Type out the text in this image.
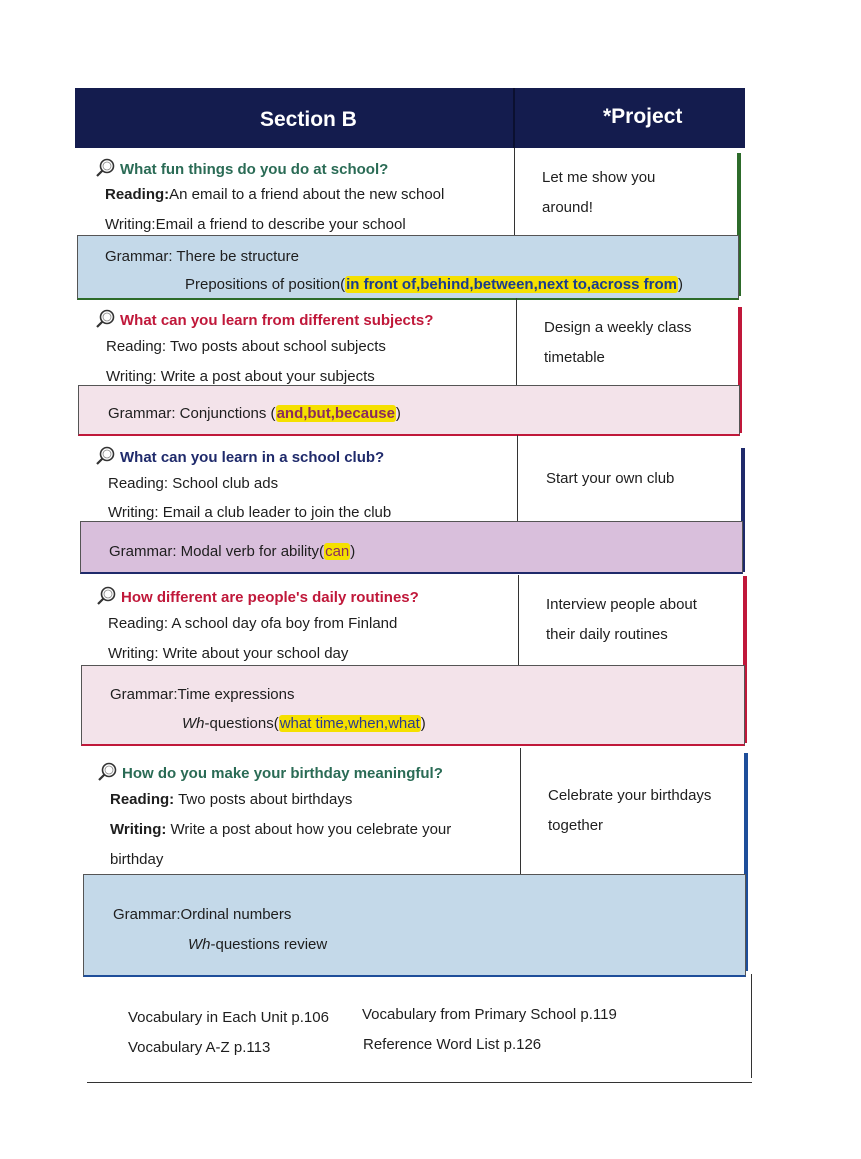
Section B	*Project
What fun things do you do at school?
Reading:An email to a friend about the new school
Writing:Email a friend to describe your school
Let me show you around!
Grammar: There be structure
Prepositions of position(in front of,behind,between,next to,across from)
What can you learn from different subjects?
Reading: Two posts about school subjects
Writing: Write a post about your subjects
Design a weekly class timetable
Grammar: Conjunctions (and,but,because)
What can you learn in a school club?
Reading: School club ads
Writing: Email a club leader to join the club
Start your own club
Grammar: Modal verb for ability(can)
How different are people's daily routines?
Reading: A school day ofa boy from Finland
Writing: Write about your school day
Interview people about their daily routines
Grammar:Time expressions
Wh-questions(what time,when,what)
How do you make your birthday meaningful?
Reading: Two posts about birthdays
Writing: Write a post about how you celebrate your
birthday
Celebrate your birthdays together
Grammar:Ordinal numbers
Wh-questions review
Vocabulary in Each Unit p.106 Vocabulary from Primary School p.119
Vocabulary A-Z p.113	Reference Word List p.126
